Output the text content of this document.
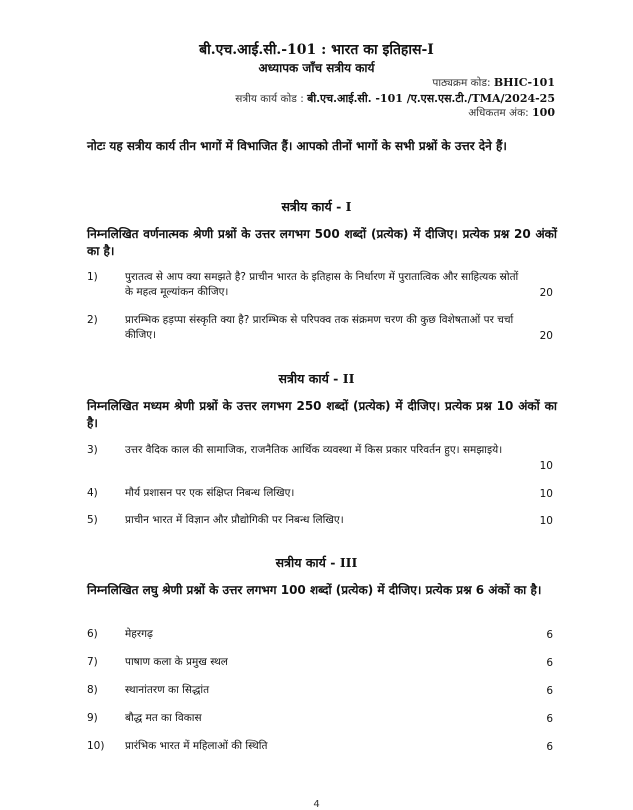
बी.एच.आई.सी.-101 : भारत का इतिहास-I
अध्यापक जाँच सत्रीय कार्य
पाठ्यक्रम कोड: BHIC-101
सत्रीय कार्य कोड : बी.एच.आई.सी. -101 /ए.एस.एस.टी./TMA/2024-25
अधिकतम अंक: 100
नोटः यह सत्रीय कार्य तीन भागों में विभाजित हैं। आपको तीनों भागों के सभी प्रश्नों के उत्तर देने हैं।
सत्रीय कार्य - I
निम्नलिखित वर्णनात्मक श्रेणी प्रश्नों के उत्तर लगभग 500 शब्दों (प्रत्येक) में दीजिए। प्रत्येक प्रश्न 20 अंकों का है।
1)	पुरातत्व से आप क्या समझते है? प्राचीन भारत के इतिहास के निर्धारण में पुरातात्विक और साहित्यक स्रोतों के महत्व मूल्यांकन कीजिए।	20
2)	प्रारम्भिक हड़प्पा संस्कृति क्या है? प्रारम्भिक से परिपक्व तक संक्रमण चरण की कुछ विशेषताओं पर चर्चा कीजिए।	20
सत्रीय कार्य - II
निम्नलिखित मध्यम श्रेणी प्रश्नों के उत्तर लगभग 250 शब्दों (प्रत्येक) में दीजिए। प्रत्येक प्रश्न 10 अंकों का है।
3)	उत्तर वैदिक काल की सामाजिक, राजनैतिक आर्थिक व्यवस्था में किस प्रकार परिवर्तन हुए। समझाइये।
10
4)	मौर्य प्रशासन पर एक संक्षिप्त निबन्ध लिखिए।	10
5)	प्राचीन भारत में विज्ञान और प्रौद्योगिकी पर निबन्ध लिखिए।	10
सत्रीय कार्य - III
निम्नलिखित लघु श्रेणी प्रश्नों के उत्तर लगभग 100 शब्दों (प्रत्येक) में दीजिए। प्रत्येक प्रश्न 6 अंकों का है।
6)	मेहरगढ़	6
7)	पाषाण कला के प्रमुख स्थल	6
8)	स्थानांतरण का सिद्धांत	6
9)	बौद्ध मत का विकास	6
10) प्रारंभिक भारत में महिलाओं की स्थिति	6
4
